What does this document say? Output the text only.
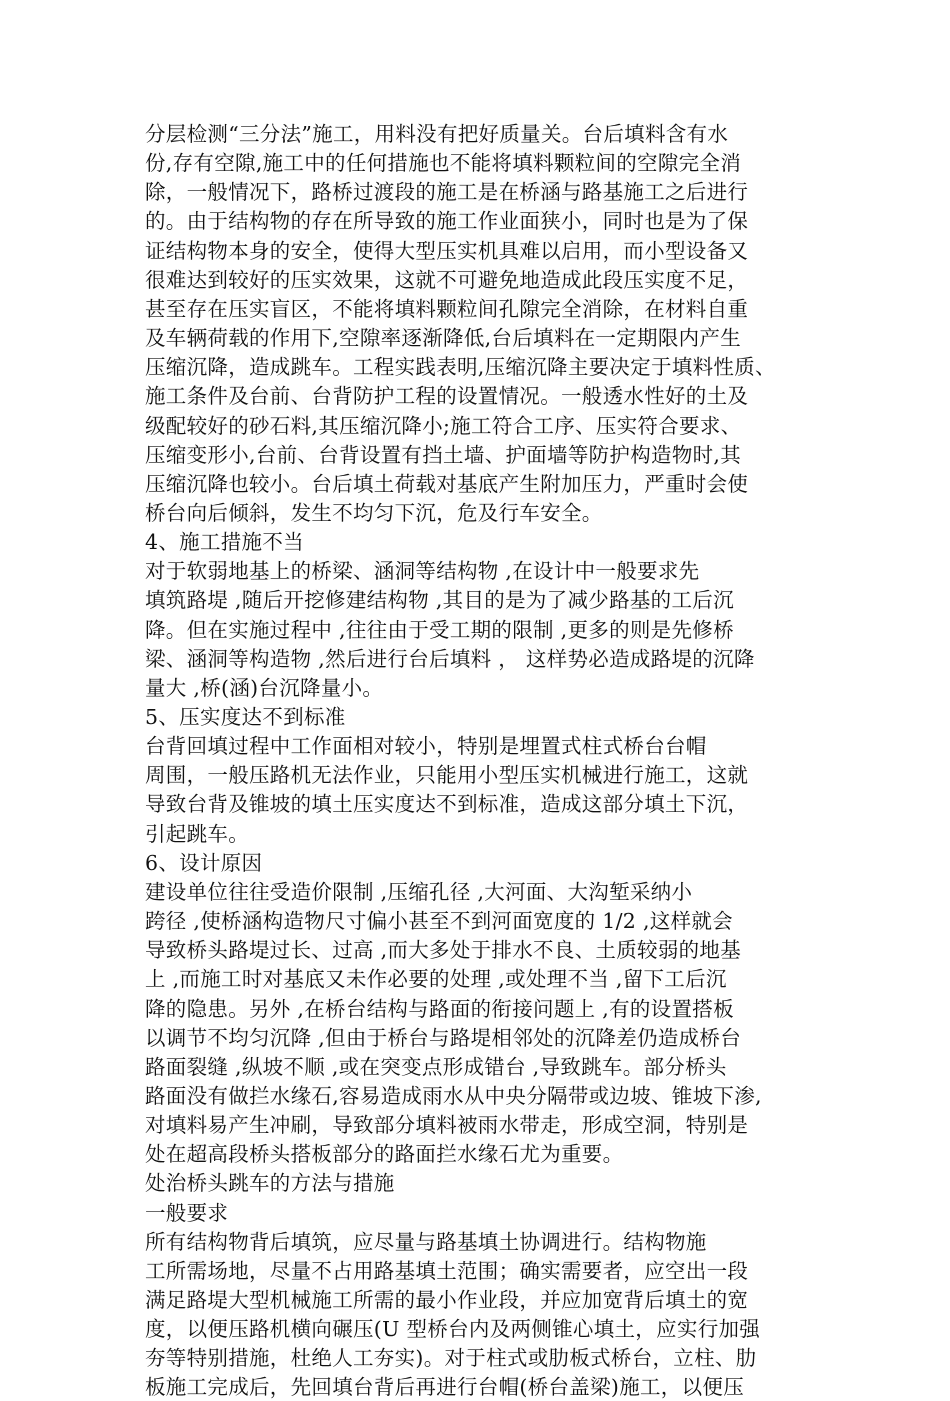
分层检测“三分法”施工，用料没有把好质量关。台后填料含有水
份,存有空隙,施工中的任何措施也不能将填料颗粒间的空隙完全消
除，一般情况下，路桥过渡段的施工是在桥涵与路基施工之后进行
的。由于结构物的存在所导致的施工作业面狭小，同时也是为了保
证结构物本身的安全，使得大型压实机具难以启用，而小型设备又
很难达到较好的压实效果，这就不可避免地造成此段压实度不足，
甚至存在压实盲区，不能将填料颗粒间孔隙完全消除，在材料自重
及车辆荷载的作用下,空隙率逐渐降低,台后填料在一定期限内产生
压缩沉降，造成跳车。工程实践表明,压缩沉降主要决定于填料性质、
施工条件及台前、台背防护工程的设置情况。一般透水性好的土及
级配较好的砂石料,其压缩沉降小;施工符合工序、压实符合要求、
压缩变形小,台前、台背设置有挡土墙、护面墙等防护构造物时,其
压缩沉降也较小。台后填土荷载对基底产生附加压力，严重时会使
桥台向后倾斜，发生不均匀下沉，危及行车安全。
4、施工措施不当
对于软弱地基上的桥梁、涵洞等结构物 ,在设计中一般要求先
填筑路堤 ,随后开挖修建结构物 ,其目的是为了减少路基的工后沉
降。但在实施过程中 ,往往由于受工期的限制 ,更多的则是先修桥
梁、涵洞等构造物 ,然后进行台后填料 ， 这样势必造成路堤的沉降
量大 ,桥(涵)台沉降量小。
5、压实度达不到标准
台背回填过程中工作面相对较小，特别是埋置式柱式桥台台帽
周围，一般压路机无法作业，只能用小型压实机械进行施工，这就
导致台背及锥坡的填土压实度达不到标准，造成这部分填土下沉，
引起跳车。
6、设计原因
建设单位往往受造价限制 ,压缩孔径 ,大河面、大沟堑采纳小
跨径 ,使桥涵构造物尺寸偏小甚至不到河面宽度的 1/2 ,这样就会
导致桥头路堤过长、过高 ,而大多处于排水不良、土质较弱的地基
上 ,而施工时对基底又未作必要的处理 ,或处理不当 ,留下工后沉
降的隐患。另外 ,在桥台结构与路面的衔接问题上 ,有的设置搭板
以调节不均匀沉降 ,但由于桥台与路堤相邻处的沉降差仍造成桥台
路面裂缝 ,纵坡不顺 ,或在突变点形成错台 ,导致跳车。部分桥头
路面没有做拦水缘石,容易造成雨水从中央分隔带或边坡、锥坡下渗,
对填料易产生冲刷，导致部分填料被雨水带走，形成空洞，特别是
处在超高段桥头搭板部分的路面拦水缘石尤为重要。
处治桥头跳车的方法与措施
一般要求
所有结构物背后填筑，应尽量与路基填土协调进行。结构物施
工所需场地，尽量不占用路基填土范围；确实需要者，应空出一段
满足路堤大型机械施工所需的最小作业段，并应加宽背后填土的宽
度，以便压路机横向碾压(U 型桥台内及两侧锥心填土，应实行加强
夯等特别措施，杜绝人工夯实)。对于柱式或肋板式桥台，立柱、肋
板施工完成后，先回填台背后再进行台帽(桥台盖梁)施工，以便压
